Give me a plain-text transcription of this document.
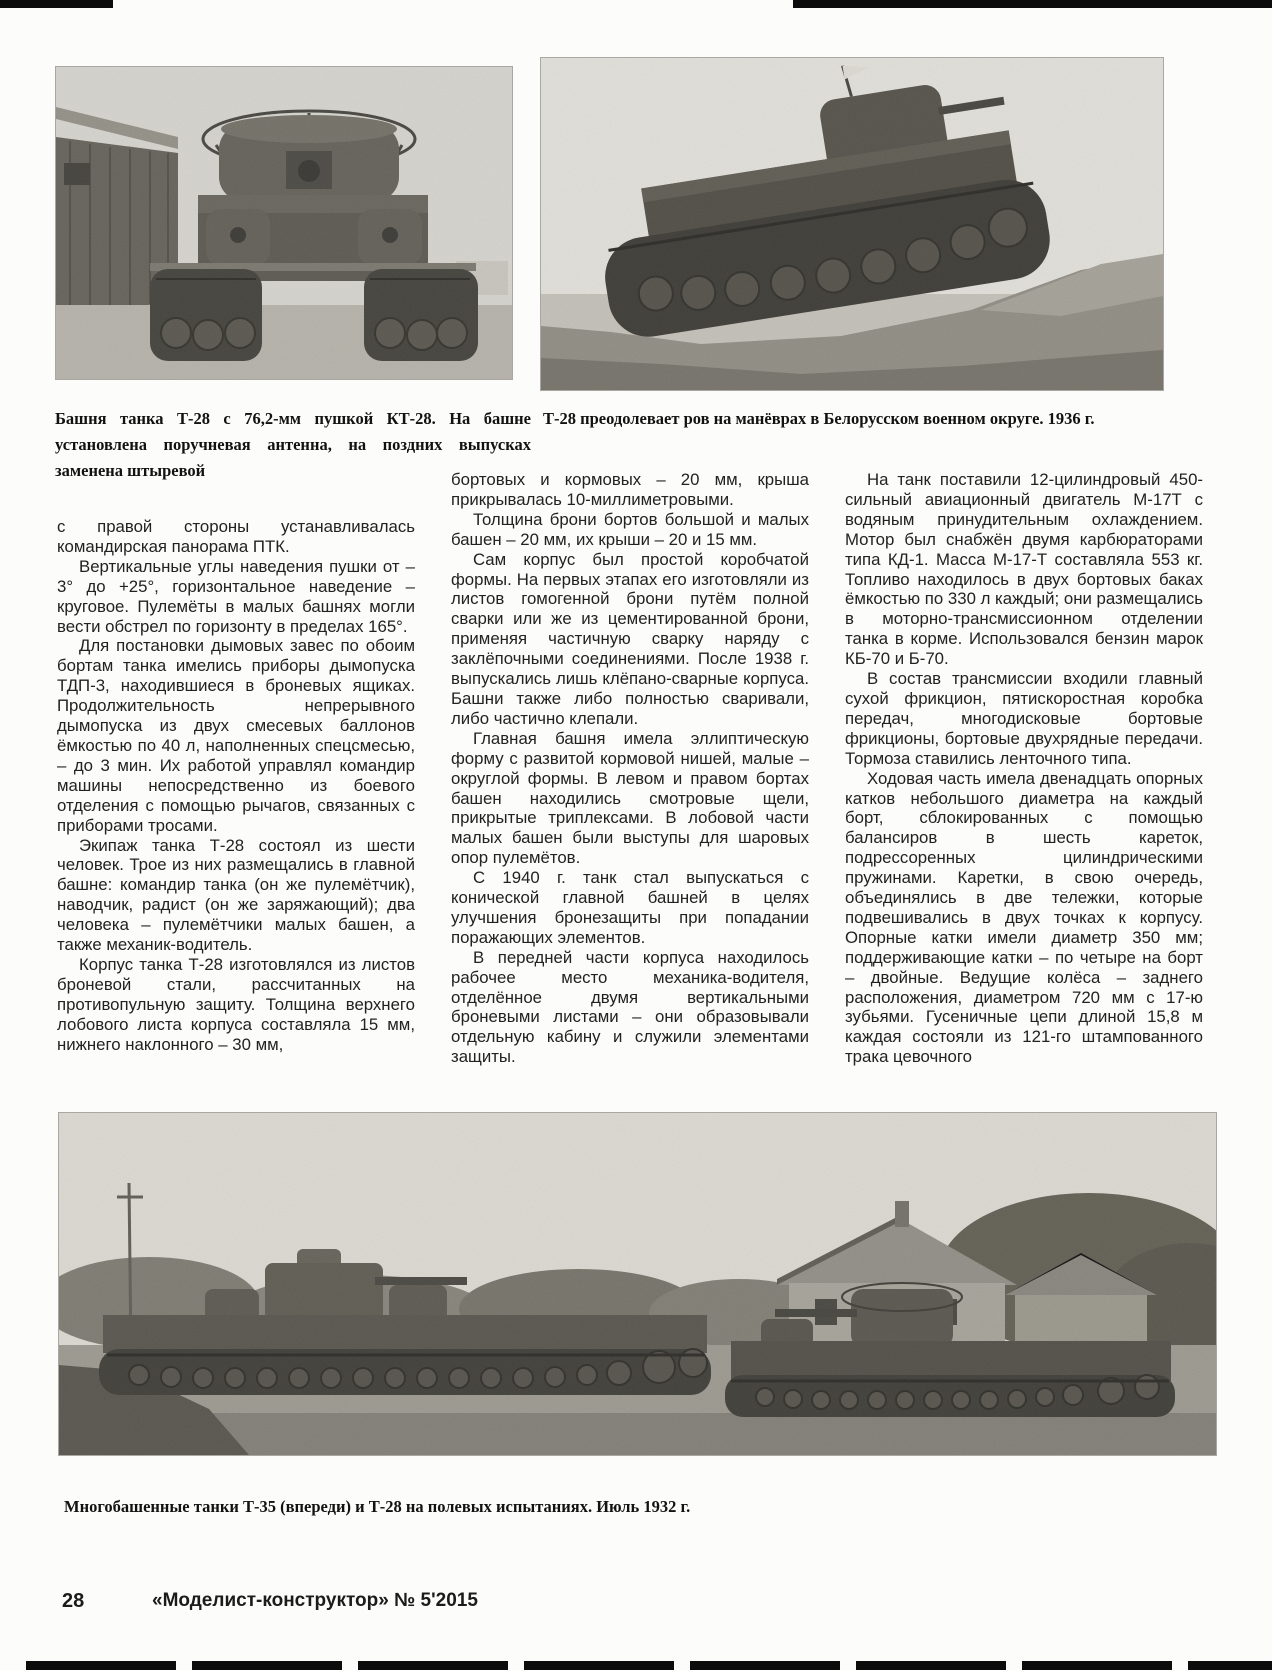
Башня танка Т-28 с 76,2-мм пушкой КТ-28. На башне установлена поручневая антенна, на поздних выпусках заменена штыревой
Т-28 преодолевает ров на манёврах в Белорусском военном округе. 1936 г.

с правой стороны устанавливалась командирская панорама ПТК.

Вертикальные углы наведения пушки от – 3° до +25°, горизонтальное наведение – круговое. Пулемёты в малых башнях могли вести обстрел по горизонту в пределах 165°.

Для постановки дымовых завес по обоим бортам танка имелись приборы дымопуска ТДП-3, находившиеся в броневых ящиках. Продолжительность непрерывного дымопуска из двух смесевых баллонов ёмкостью по 40 л, наполненных спецсмесью, – до 3 мин. Их работой управлял командир машины непосредственно из боевого отделения с помощью рычагов, связанных с приборами тросами.

Экипаж танка Т-28 состоял из шести человек. Трое из них размещались в главной башне: командир танка (он же пулемётчик), наводчик, радист (он же заряжающий); два человека – пулемётчики малых башен, а также механик-водитель.

Корпус танка Т-28 изготовлялся из листов броневой стали, рассчитанных на противопульную защиту. Толщина верхнего лобового листа корпуса составляла 15 мм, нижнего наклонного – 30 мм,

бортовых и кормовых – 20 мм, крыша прикрывалась 10-миллиметровыми.

Толщина брони бортов большой и малых башен – 20 мм, их крыши – 20 и 15 мм.

Сам корпус был простой коробчатой формы. На первых этапах его изготовляли из листов гомогенной брони путём полной сварки или же из цементированной брони, применяя частичную сварку наряду с заклёпочными соединениями. После 1938 г. выпускались лишь клёпано-сварные корпуса. Башни также либо полностью сваривали, либо частично клепали.

Главная башня имела эллиптическую форму с развитой кормовой нишей, малые – округлой формы. В левом и правом бортах башен находились смотровые щели, прикрытые триплексами. В лобовой части малых башен были выступы для шаровых опор пулемётов.

С 1940 г. танк стал выпускаться с конической главной башней в целях улучшения бронезащиты при попадании поражающих элементов.

В передней части корпуса находилось рабочее место механика-водителя, отделённое двумя вертикальными броневыми листами – они образовывали отдельную кабину и служили элементами защиты.

На танк поставили 12-цилиндровый 450-сильный авиационный двигатель М-17Т с водяным принудительным охлаждением. Мотор был снабжён двумя карбюраторами типа КД-1. Масса М-17-Т составляла 553 кг. Топливо находилось в двух бортовых баках ёмкостью по 330 л каждый; они размещались в моторно-трансмиссионном отделении танка в корме. Использовался бензин марок КБ-70 и Б-70.

В состав трансмиссии входили главный сухой фрикцион, пятискоростная коробка передач, многодисковые бортовые фрикционы, бортовые двухрядные передачи. Тормоза ставились ленточного типа.

Ходовая часть имела двенадцать опорных катков небольшого диаметра на каждый борт, сблокированных с помощью балансиров в шесть кареток, подрессоренных цилиндрическими пружинами. Каретки, в свою очередь, объединялись в две тележки, которые подвешивались в двух точках к корпусу. Опорные катки имели диаметр 350 мм; поддерживающие катки – по четыре на борт – двойные. Ведущие колёса – заднего расположения, диаметром 720 мм с 17-ю зубьями. Гусеничные цепи длиной 15,8 м каждая состояли из 121-го штампованного трака цевочного

Многобашенные танки Т-35 (впереди) и Т-28 на полевых испытаниях. Июль 1932 г.
28	«Моделист-конструктор» № 5'2015
